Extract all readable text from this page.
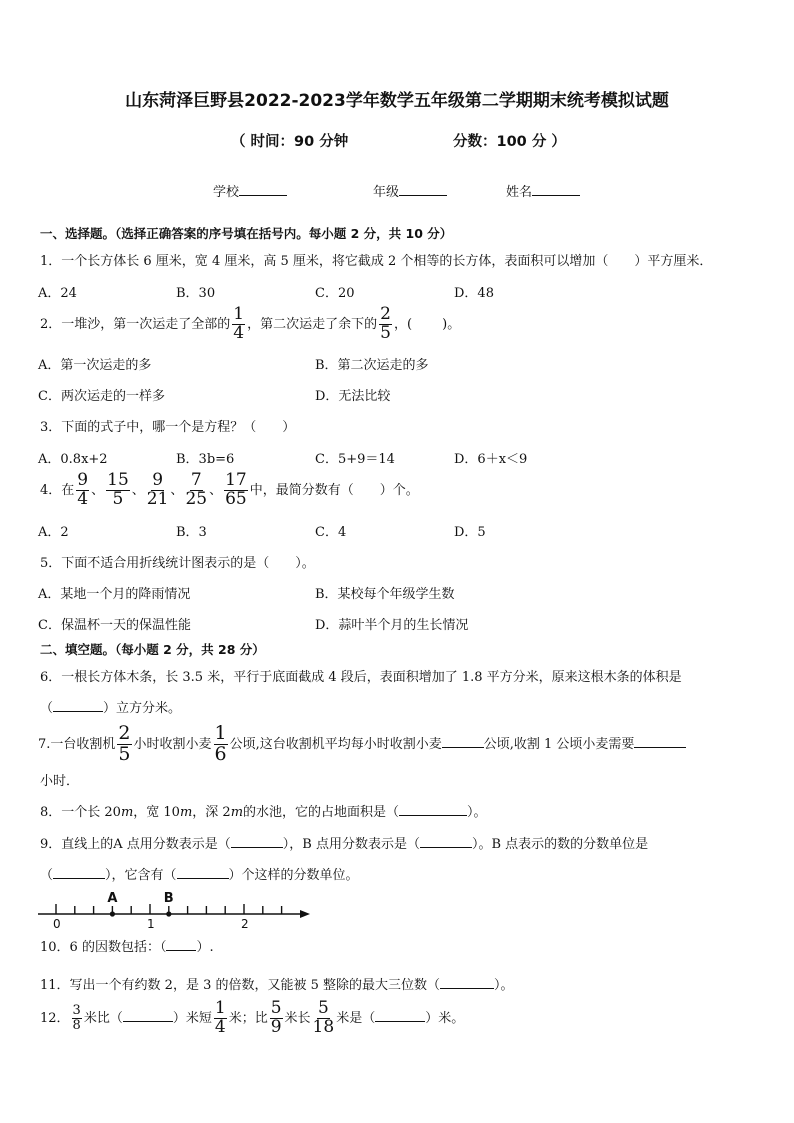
山东菏泽巨野县2022-2023学年数学五年级第二学期期末统考模拟试题
（ 时间：90 分钟	分数：100 分 ）
学校	年级	姓名
一、选择题。（选择正确答案的序号填在括号内。每小题 2 分，共 10 分）
1．一个长方体长 6 厘米，宽 4 厘米，高 5 厘米，将它截成 2 个相等的长方体，表面积可以增加（　　）平方厘米．
A．24	B．30	C．20	D．48
2．一堆沙，第一次运走了全部的 $\frac{1}{4}$ ，第二次运走了余下的 $\frac{2}{5}$ ，(　　 )。
A．第一次运走的多	B．第二次运走的多
C．两次运走的一样多	D．无法比较
3．下面的式子中，哪一个是方程？（　　）
A．0.8x+2	B．3b=6	C．5+9＝14	D．6＋x＜9
4．在 $\frac{9}{4}$ 、 $\frac{15}{5}$ 、 $\frac{9}{21}$ 、 $\frac{7}{25}$ 、 $\frac{17}{65}$ 中，最简分数有（　　）个。
A．2	B．3	C．4	D．5
5．下面不适合用折线统计图表示的是（　　）。
A．某地一个月的降雨情况	B．某校每个年级学生数
C．保温杯一天的保温性能	D．蒜叶半个月的生长情况
二、填空题。（每小题 2 分，共 28 分）
6．一根长方体木条，长 3.5 米，平行于底面截成 4 段后，表面积增加了 1.8 平方分米，原来这根木条的体积是
（	）立方分米。
7.一台收割机 $\frac{2}{5}$ 小时收割小麦 $\frac{1}{6}$ 公顷,这台收割机平均每小时收割小麦	公顷,收割 1 公顷小麦需要
小时．
8．一个长 20m，宽 10m，深 2m的水池，它的占地面积是（	）。
9．直线上的A 点用分数表示是（	），B 点用分数表示是（	）。B 点表示的数的分数单位是
（	），它含有（	）个这样的分数单位。
0	1	2
A	B
10．6 的因数包括：（ ）.
11．写出一个有约数 2，是 3 的倍数，又能被 5 整除的最大三位数（	）。
12． $\frac{3}{8}$ 米比（	）米短 $\frac{1}{4}$ 米；比 $\frac{5}{9}$ 米长 $\frac{5}{18}$ 米是（	）米。
